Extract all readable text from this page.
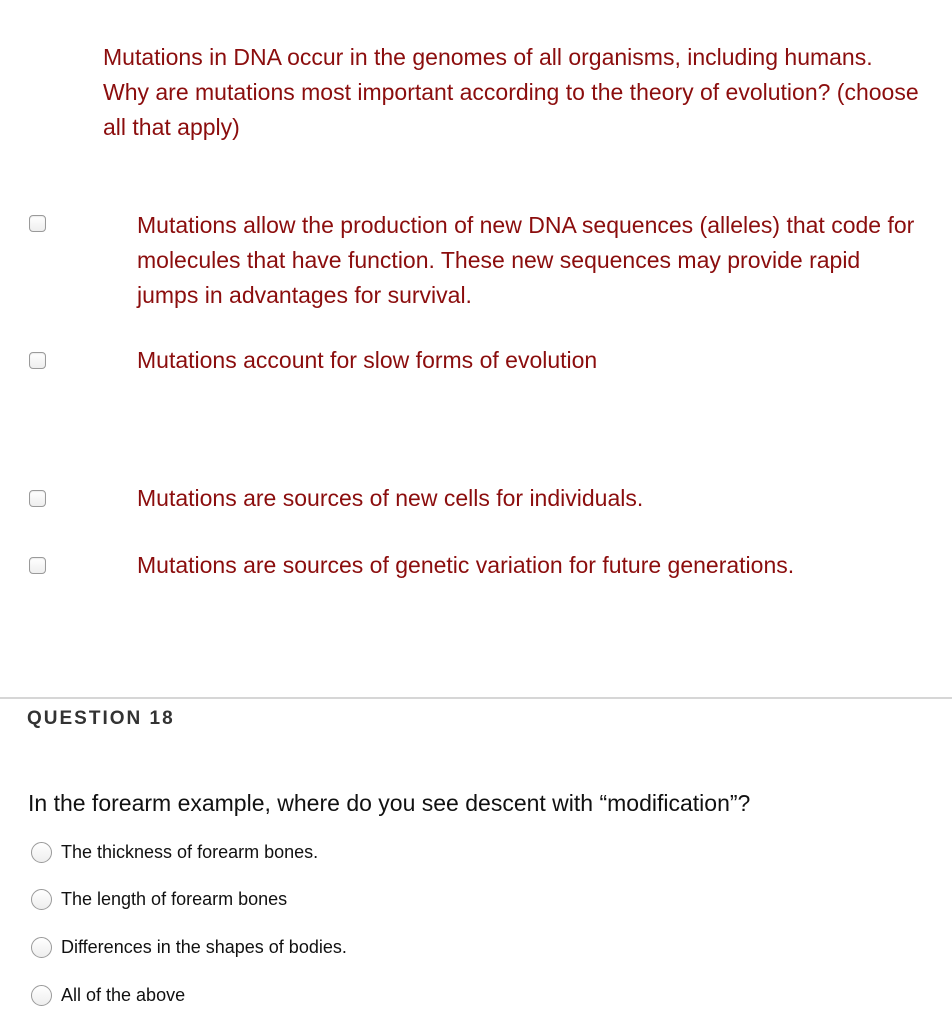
Mutations in DNA occur in the genomes of all organisms, including humans.

Why are mutations most important according to the theory of evolution? (choose all that apply)

Mutations allow the production of new DNA sequences (alleles) that code for molecules that have function. These new sequences may provide rapid jumps in advantages for survival.
Mutations account for slow forms of evolution
Mutations are sources of new cells for individuals.
Mutations are sources of genetic variation for future generations.
QUESTION 18
In the forearm example, where do you see descent with “modification”?
The thickness of forearm bones.
The length of forearm bones
Differences in the shapes of bodies.
All of the above
